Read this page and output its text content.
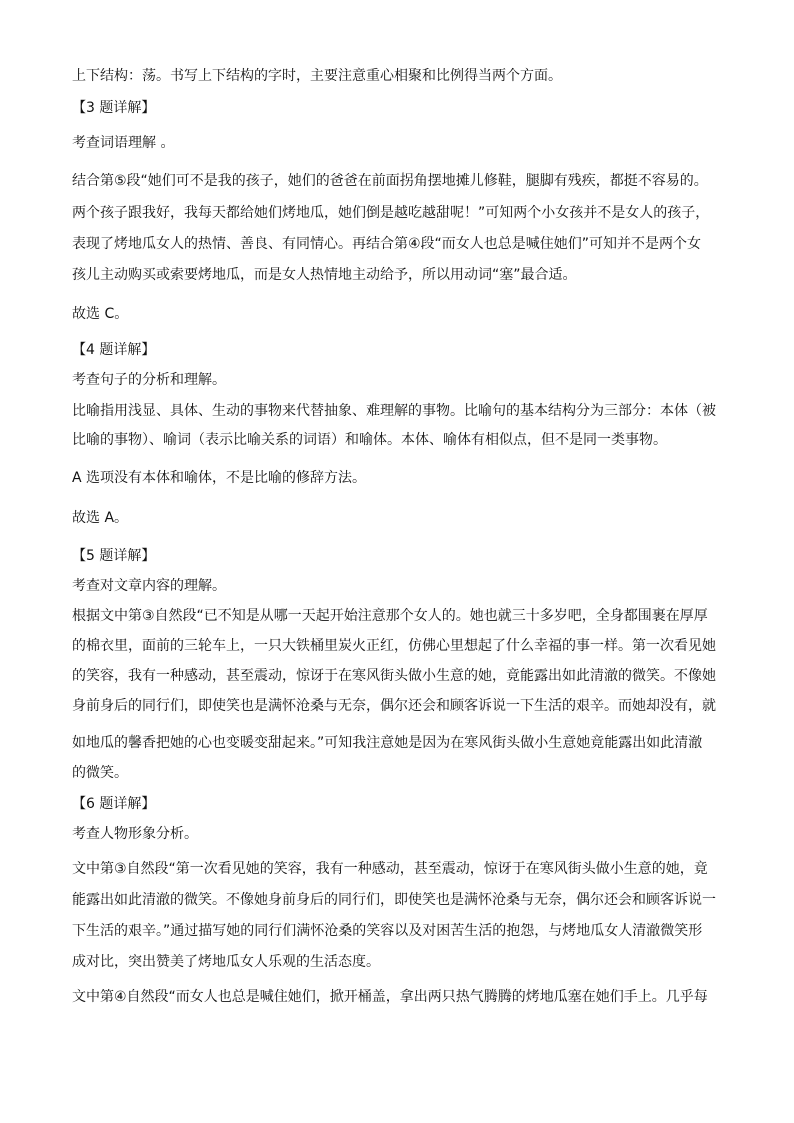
上下结构：荡。书写上下结构的字时，主要注意重心相聚和比例得当两个方面。

【3 题详解】

考查词语理解 。

结合第⑤段“她们可不是我的孩子，她们的爸爸在前面拐角摆地摊儿修鞋，腿脚有残疾，都挺不容易的。

两个孩子跟我好，我每天都给她们烤地瓜，她们倒是越吃越甜呢！”可知两个小女孩并不是女人的孩子，

表现了烤地瓜女人的热情、善良、有同情心。再结合第④段“而女人也总是喊住她们”可知并不是两个女

孩儿主动购买或索要烤地瓜，而是女人热情地主动给予，所以用动词“塞”最合适。

故选 C。

【4 题详解】

考查句子的分析和理解。

比喻指用浅显、具体、生动的事物来代替抽象、难理解的事物。比喻句的基本结构分为三部分：本体（被

比喻的事物）、喻词（表示比喻关系的词语）和喻体。本体、喻体有相似点，但不是同一类事物。

A 选项没有本体和喻体，不是比喻的修辞方法。

故选 A。

【5 题详解】

考查对文章内容的理解。

根据文中第③自然段“已不知是从哪一天起开始注意那个女人的。她也就三十多岁吧，全身都围裹在厚厚

的棉衣里，面前的三轮车上，一只大铁桶里炭火正红，仿佛心里想起了什么幸福的事一样。第一次看见她

的笑容，我有一种感动，甚至震动，惊讶于在寒风街头做小生意的她，竟能露出如此清澈的微笑。不像她

身前身后的同行们，即使笑也是满怀沧桑与无奈，偶尔还会和顾客诉说一下生活的艰辛。而她却没有，就

如地瓜的馨香把她的心也变暖变甜起来。”可知我注意她是因为在寒风街头做小生意她竟能露出如此清澈

的微笑。

【6 题详解】

考查人物形象分析。

文中第③自然段“第一次看见她的笑容，我有一种感动，甚至震动，惊讶于在寒风街头做小生意的她，竟

能露出如此清澈的微笑。不像她身前身后的同行们，即使笑也是满怀沧桑与无奈，偶尔还会和顾客诉说一

下生活的艰辛。”通过描写她的同行们满怀沧桑的笑容以及对困苦生活的抱怨，与烤地瓜女人清澈微笑形

成对比，突出赞美了烤地瓜女人乐观的生活态度。

文中第④自然段“而女人也总是喊住她们，掀开桶盖，拿出两只热气腾腾的烤地瓜塞在她们手上。几乎每
